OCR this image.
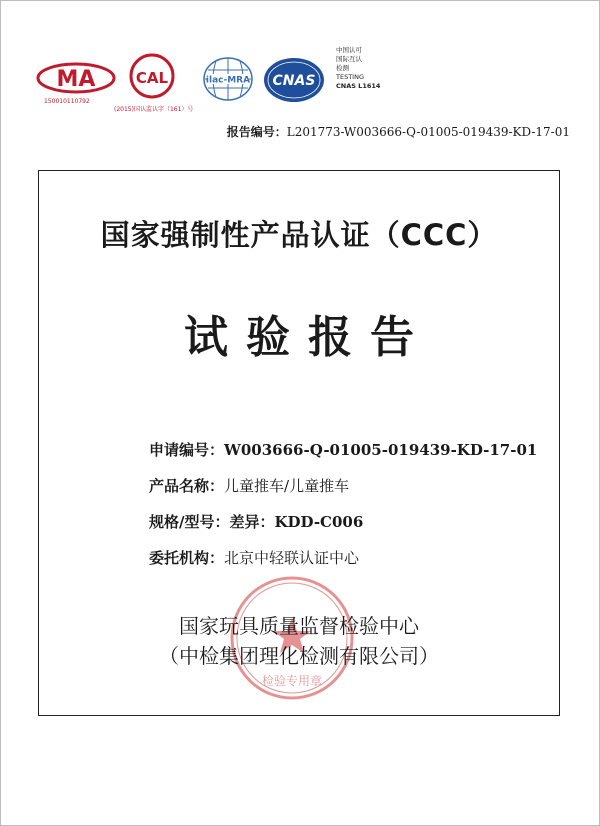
MA
150010110792
CAL
(2015)国认监认字（161）号
ilac-MRA CNAS
中国认可
国际互认
检测
TESTING
CNAS L1614
报告编号：L201773-W003666-Q-01005-019439-KD-17-01
国家强制性产品认证（CCC）
试验报告
申请编号：W003666-Q-01005-019439-KD-17-01
产品名称：儿童推车/儿童推车
规格/型号：差异：KDD-C006
委托机构：北京中轻联认证中心
检验专用章
国家玩具质量监督检验中心
（中检集团理化检测有限公司）
